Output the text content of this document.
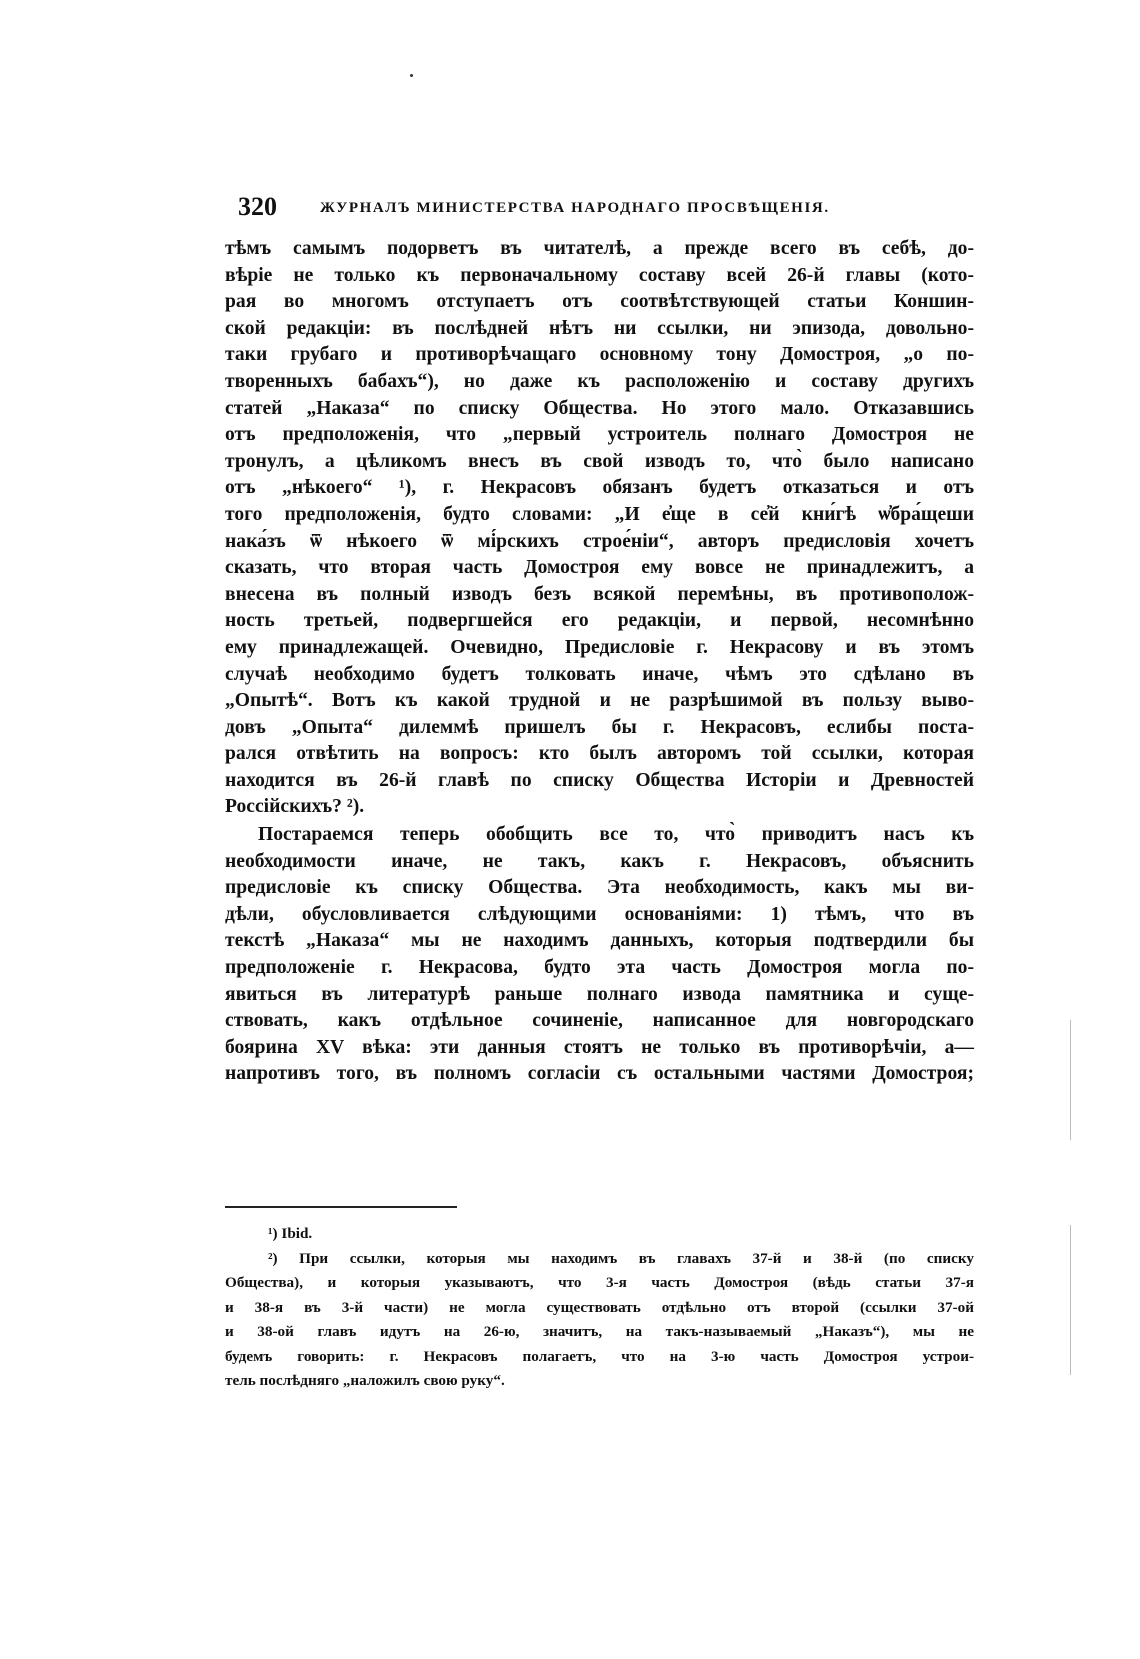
320	ЖУРНАЛЪ МИНИСТЕРСТВА НАРОДНАГО ПРОСВѢЩЕНІЯ.
тѣмъ самымъ подорветъ въ читателѣ, а прежде всего въ себѣ, до-
вѣріе не только къ первоначальному составу всей 26-й главы (кото-
рая во многомъ отступаетъ отъ соотвѣтствующей статьи Коншин-
ской редакціи: въ послѣдней нѣтъ ни ссылки, ни эпизода, довольно-
таки грубаго и противорѣчащаго основному тону Домостроя, „о по-
творенныхъ бабахъ“), но даже къ расположенію и составу другихъ
статей „Наказа“ по списку Общества. Но этого мало. Отказавшись
отъ предположенія, что „первый устроитель полнаго Домостроя не
тронулъ, а цѣликомъ внесъ въ свой изводъ то, что̀ было написано
отъ „нѣкоего“ ¹), г. Некрасовъ обязанъ будетъ отказаться и отъ
того предположенія, будто словами: „И е҆ще в се҆й кни́гѣ ѡ҆бра́щеши
нака́зъ ѿ нѣкоего ѿ мі́рскихъ строе́ніи“, авторъ предисловія хочетъ
сказать, что вторая часть Домостроя ему вовсе не принадлежитъ, а
внесена въ полный изводъ безъ всякой перемѣны, въ противополож-
ность третьей, подвергшейся его редакціи, и первой, несомнѣнно
ему принадлежащей. Очевидно, Предисловіе г. Некрасову и въ этомъ
случаѣ необходимо будетъ толковать иначе, чѣмъ это сдѣлано въ
„Опытѣ“. Вотъ къ какой трудной и не разрѣшимой въ пользу выво-
довъ „Опыта“ дилеммѣ пришелъ бы г. Некрасовъ, еслибы поста-
рался отвѣтить на вопросъ: кто былъ авторомъ той ссылки, которая
находится въ 26-й главѣ по списку Общества Исторіи и Древностей
Россійскихъ? ²).
Постараемся теперь обобщить все то, что̀ приводитъ насъ къ
необходимости иначе, не такъ, какъ г. Некрасовъ, объяснить
предисловіе къ списку Общества. Эта необходимость, какъ мы ви-
дѣли, обусловливается слѣдующими основаніями: 1) тѣмъ, что въ
текстѣ „Наказа“ мы не находимъ данныхъ, которыя подтвердили бы
предположеніе г. Некрасова, будто эта часть Домостроя могла по-
явиться въ литературѣ раньше полнаго извода памятника и суще-
ствовать, какъ отдѣльное сочиненіе, написанное для новгородскаго
боярина XV вѣка: эти данныя стоятъ не только въ противорѣчіи, а—
напротивъ того, въ полномъ согласіи съ остальными частями Домостроя;
¹) Ibid.
²) При ссылки, которыя мы находимъ въ главахъ 37-й и 38-й (по списку
Общества), и которыя указываютъ, что 3-я часть Домостроя (вѣдь статьи 37-я
и 38-я въ 3-й части) не могла существовать отдѣльно отъ второй (ссылки 37-ой
и 38-ой главъ идутъ на 26-ю, значитъ, на такъ-называемый „Наказъ“), мы не
будемъ говорить: г. Некрасовъ полагаетъ, что на 3-ю часть Домостроя устрои-
тель послѣдняго „наложилъ свою руку“.
